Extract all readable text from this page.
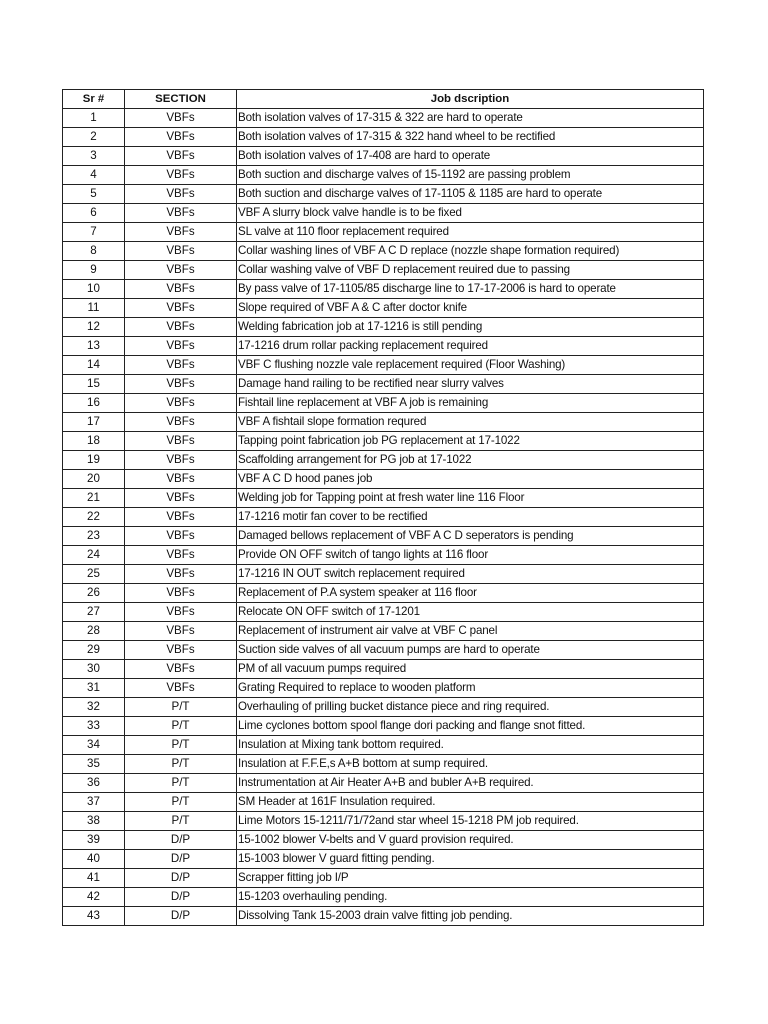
Sr #	SECTION	Job dscription
1	VBFs	Both isolation valves of 17-315 & 322 are hard to operate
2	VBFs	Both isolation valves of 17-315 & 322 hand wheel to be rectified
3	VBFs	Both isolation valves of 17-408 are hard to operate
4	VBFs	Both suction and discharge valves of 15-1192 are passing problem
5	VBFs	Both suction and discharge valves of 17-1105 & 1185 are hard to operate
6	VBFs	VBF A slurry block valve handle is to be fixed
7	VBFs	SL valve at 110 floor replacement required
8	VBFs	Collar washing lines of VBF A C D replace (nozzle shape formation required)
9	VBFs	Collar washing valve of VBF D replacement reuired due to passing
10	VBFs	By pass valve of 17-1105/85 discharge line to 17-17-2006 is hard to operate
11	VBFs	Slope required of VBF A & C after doctor knife
12	VBFs	Welding fabrication job at 17-1216 is still pending
13	VBFs	17-1216 drum rollar packing replacement required
14	VBFs	VBF C flushing nozzle vale replacement required (Floor Washing)
15	VBFs	Damage hand railing to be rectified near slurry valves
16	VBFs	Fishtail line replacement at VBF A job is remaining
17	VBFs	VBF A fishtail slope formation requred
18	VBFs	Tapping point fabrication job PG replacement at 17-1022
19	VBFs	Scaffolding arrangement for PG job at 17-1022
20	VBFs	VBF A C D hood panes job
21	VBFs	Welding job for Tapping point at fresh water line 116 Floor
22	VBFs	17-1216 motir fan cover to be rectified
23	VBFs	Damaged bellows replacement of VBF A C D seperators is pending
24	VBFs	Provide ON OFF switch of tango lights at 116 floor
25	VBFs	17-1216 IN OUT switch replacement required
26	VBFs	Replacement of P.A system speaker at 116 floor
27	VBFs	Relocate ON OFF switch of 17-1201
28	VBFs	Replacement of instrument air valve at VBF C panel
29	VBFs	Suction side valves of all vacuum pumps are hard to operate
30	VBFs	PM of all vacuum pumps required
31	VBFs	Grating Required to replace to wooden platform
32	P/T	Overhauling of prilling bucket distance piece and ring required.
33	P/T	Lime cyclones bottom spool flange dori packing and flange snot fitted.
34	P/T	Insulation at Mixing tank bottom required.
35	P/T	Insulation at F.F.E,s A+B bottom at sump required.
36	P/T	Instrumentation at Air Heater A+B and bubler A+B required.
37	P/T	SM Header at 161F Insulation required.
38	P/T	Lime Motors 15-1211/71/72and star wheel 15-1218 PM job required.
39	D/P	15-1002 blower V-belts and V guard provision required.
40	D/P	15-1003 blower V guard fitting pending.
41	D/P	Scrapper fitting job I/P
42	D/P	15-1203 overhauling pending.
43	D/P	Dissolving Tank 15-2003 drain valve fitting job pending.
